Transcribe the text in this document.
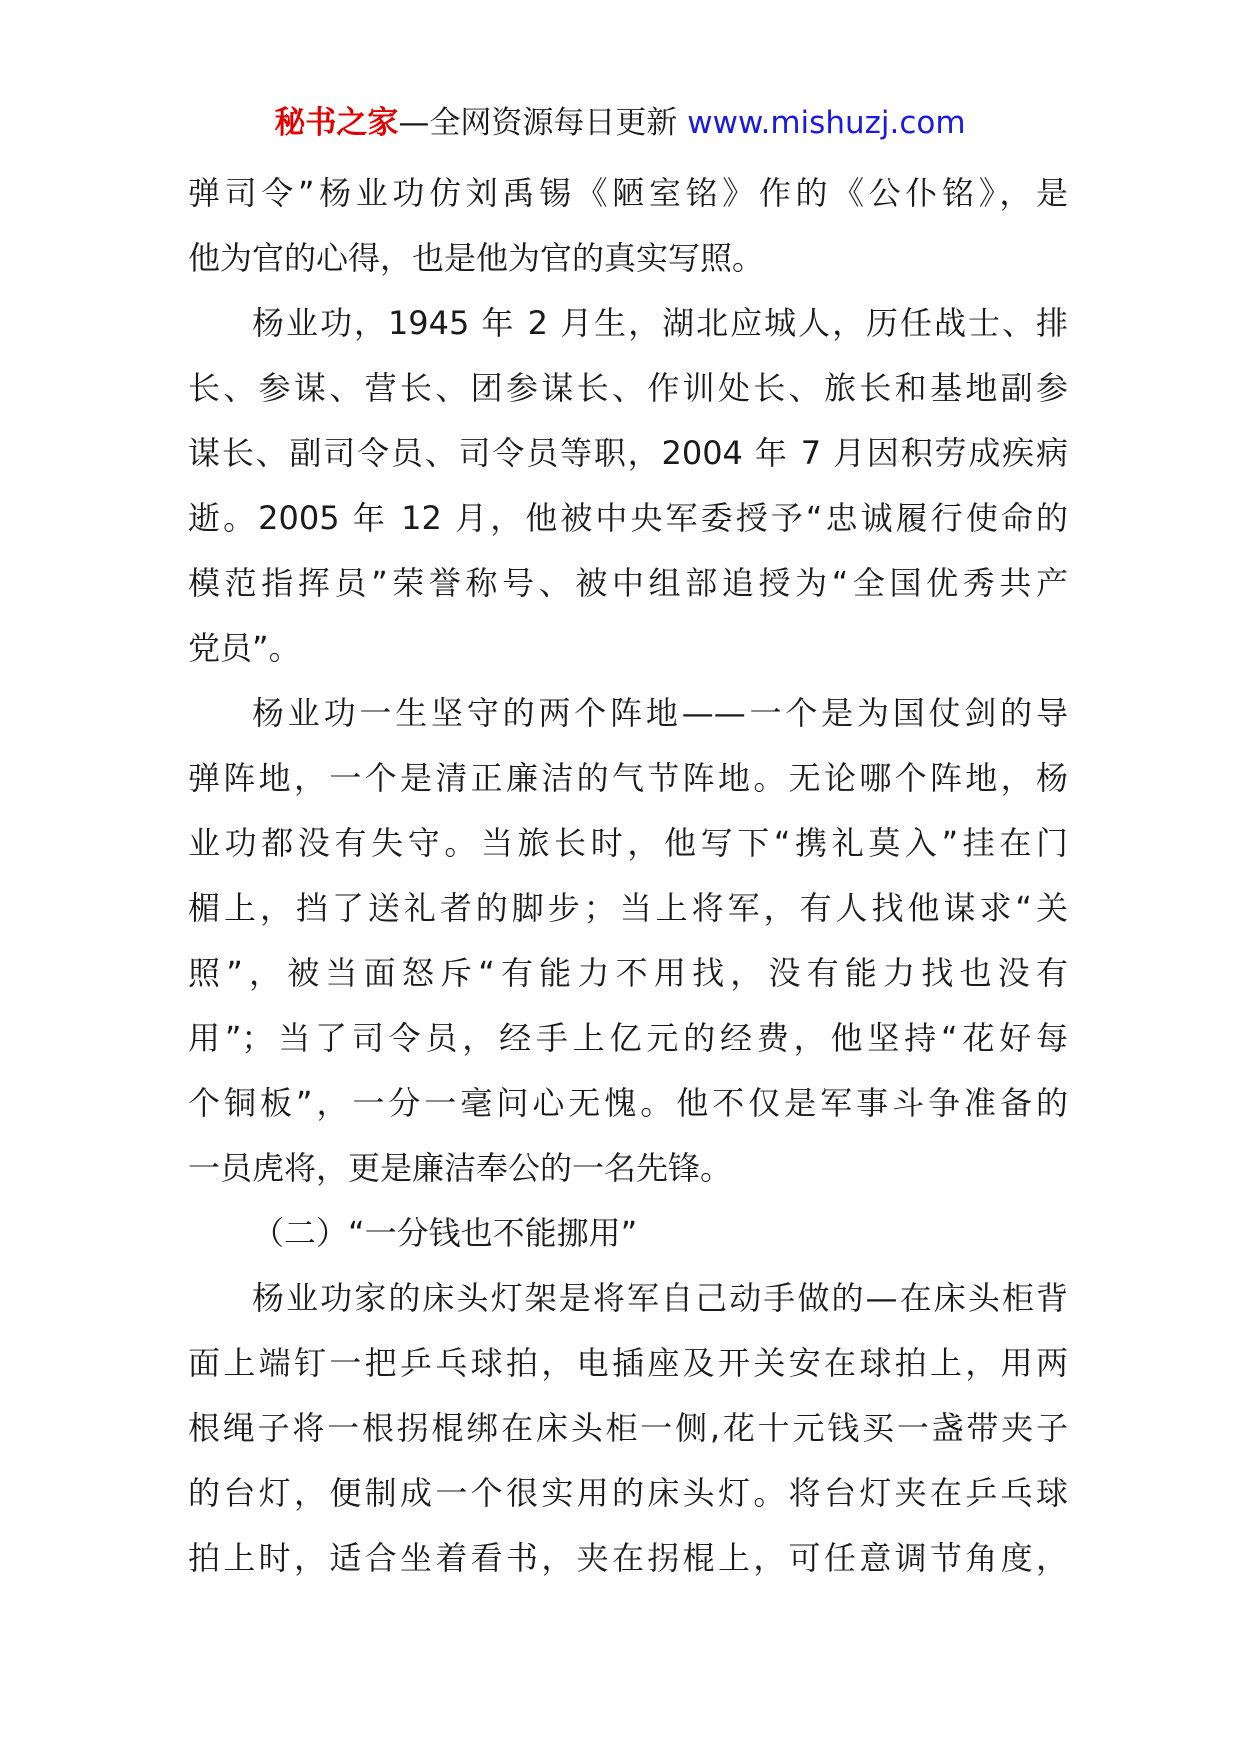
秘书之家—全网资源每日更新 www.mishuzj.com
弹司令”杨业功仿刘禹锡《陋室铭》作的《公仆铭》，是
他为官的心得，也是他为官的真实写照。
杨业功，1945 年 2 月生，湖北应城人，历任战士、排
长、参谋、营长、团参谋长、作训处长、旅长和基地副参
谋长、副司令员、司令员等职，2004 年 7 月因积劳成疾病
逝。2005 年 12 月，他被中央军委授予“忠诚履行使命的
模范指挥员”荣誉称号、被中组部追授为“全国优秀共产
党员”。
杨业功一生坚守的两个阵地——一个是为国仗剑的导
弹阵地，一个是清正廉洁的气节阵地。无论哪个阵地，杨
业功都没有失守。当旅长时，他写下“携礼莫入”挂在门
楣上，挡了送礼者的脚步；当上将军，有人找他谋求“关
照”，被当面怒斥“有能力不用找，没有能力找也没有
用”；当了司令员，经手上亿元的经费，他坚持“花好每
个铜板”，一分一毫问心无愧。他不仅是军事斗争准备的
一员虎将，更是廉洁奉公的一名先锋。
（二）“一分钱也不能挪用”
杨业功家的床头灯架是将军自己动手做的—在床头柜背
面上端钉一把乒乓球拍，电插座及开关安在球拍上，用两
根绳子将一根拐棍绑在床头柜一侧,花十元钱买一盏带夹子
的台灯，便制成一个很实用的床头灯。将台灯夹在乒乓球
拍上时，适合坐着看书，夹在拐棍上，可任意调节角度，
